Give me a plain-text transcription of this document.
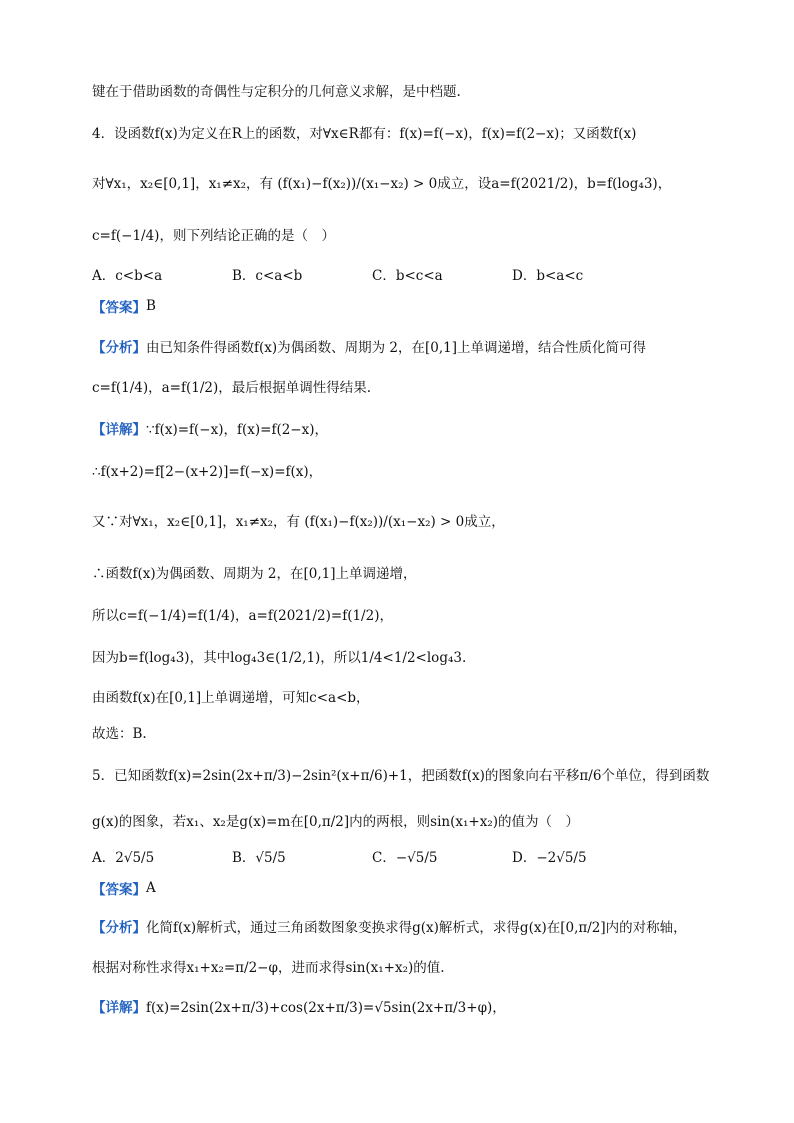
键在于借助函数的奇偶性与定积分的几何意义求解，是中档题.
4．设函数f(x)为定义在R上的函数，对∀x∈R都有：f(x)=f(−x)，f(x)=f(2−x)；又函数f(x)
对∀x₁，x₂∈[0,1]，x₁≠x₂，有 (f(x₁)−f(x₂))/(x₁−x₂) > 0成立，设a=f(2021/2)，b=f(log₄3)，
c=f(−1/4)，则下列结论正确的是（　）
A．c<b<a	B．c<a<b	C．b<c<a	D．b<a<c
【答案】 B
【分析】 由已知条件得函数f(x)为偶函数、周期为 2，在[0,1]上单调递增，结合性质化简可得
c=f(1/4)，a=f(1/2)，最后根据单调性得结果.
【详解】 ∵f(x)=f(−x)，f(x)=f(2−x)，
∴f(x+2)=f[2−(x+2)]=f(−x)=f(x)，
又∵对∀x₁，x₂∈[0,1]，x₁≠x₂，有 (f(x₁)−f(x₂))/(x₁−x₂) > 0成立，
∴函数f(x)为偶函数、周期为 2，在[0,1]上单调递增，
所以c=f(−1/4)=f(1/4)，a=f(2021/2)=f(1/2)，
因为b=f(log₄3)，其中log₄3∈(1/2,1)，所以1/4<1/2<log₄3.
由函数f(x)在[0,1]上单调递增，可知c<a<b，
故选：B.
5．已知函数f(x)=2sin(2x+π/3)−2sin²(x+π/6)+1，把函数f(x)的图象向右平移π/6个单位，得到函数
g(x)的图象，若x₁、x₂是g(x)=m在[0,π/2]内的两根，则sin(x₁+x₂)的值为（　）
A．2√5/5	B．√5/5	C．−√5/5	D．−2√5/5
【答案】 A
【分析】 化简f(x)解析式，通过三角函数图象变换求得g(x)解析式，求得g(x)在[0,π/2]内的对称轴，
根据对称性求得x₁+x₂=π/2−φ，进而求得sin(x₁+x₂)的值.
【详解】 f(x)=2sin(2x+π/3)+cos(2x+π/3)=√5sin(2x+π/3+φ)，
